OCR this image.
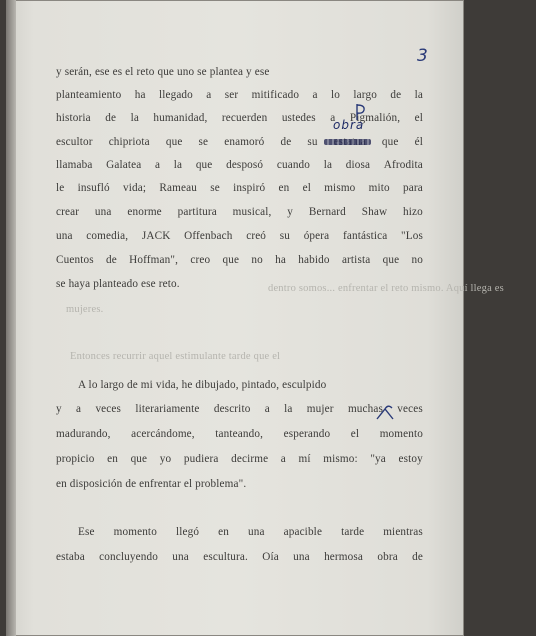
3
dentro somos... enfrentar el reto mismo. Aquí llega es
mujeres.
Entonces recurrir aquel estimulante tarde que el
y serán, ese es el reto que uno se plantea y ese
planteamiento ha llegado a ser mitificado a lo largo de la
historia de la humanidad, recuerden ustedes a Pigmalión, el
escultor chipriota que se enamoró de su	que él
llamaba Galatea a la que desposó cuando la diosa Afrodita
le insufló vida; Rameau se inspiró en el mismo mito para
crear una enorme partitura musical, y Bernard Shaw hizo
una comedia, JACK Offenbach creó su ópera fantástica "Los
Cuentos de Hoffman", creo que no ha habido artista que no
se haya planteado ese reto.
obra
A lo largo de mi vida, he dibujado, pintado, esculpido
y a veces literariamente descrito a la mujer muchas veces
madurando, acercándome, tanteando, esperando el momento
propicio en que yo pudiera decirme a mí mismo: "ya estoy
en disposición de enfrentar el problema".
Ese momento llegó en una apacible tarde mientras
estaba concluyendo una escultura. Oía una hermosa obra de
